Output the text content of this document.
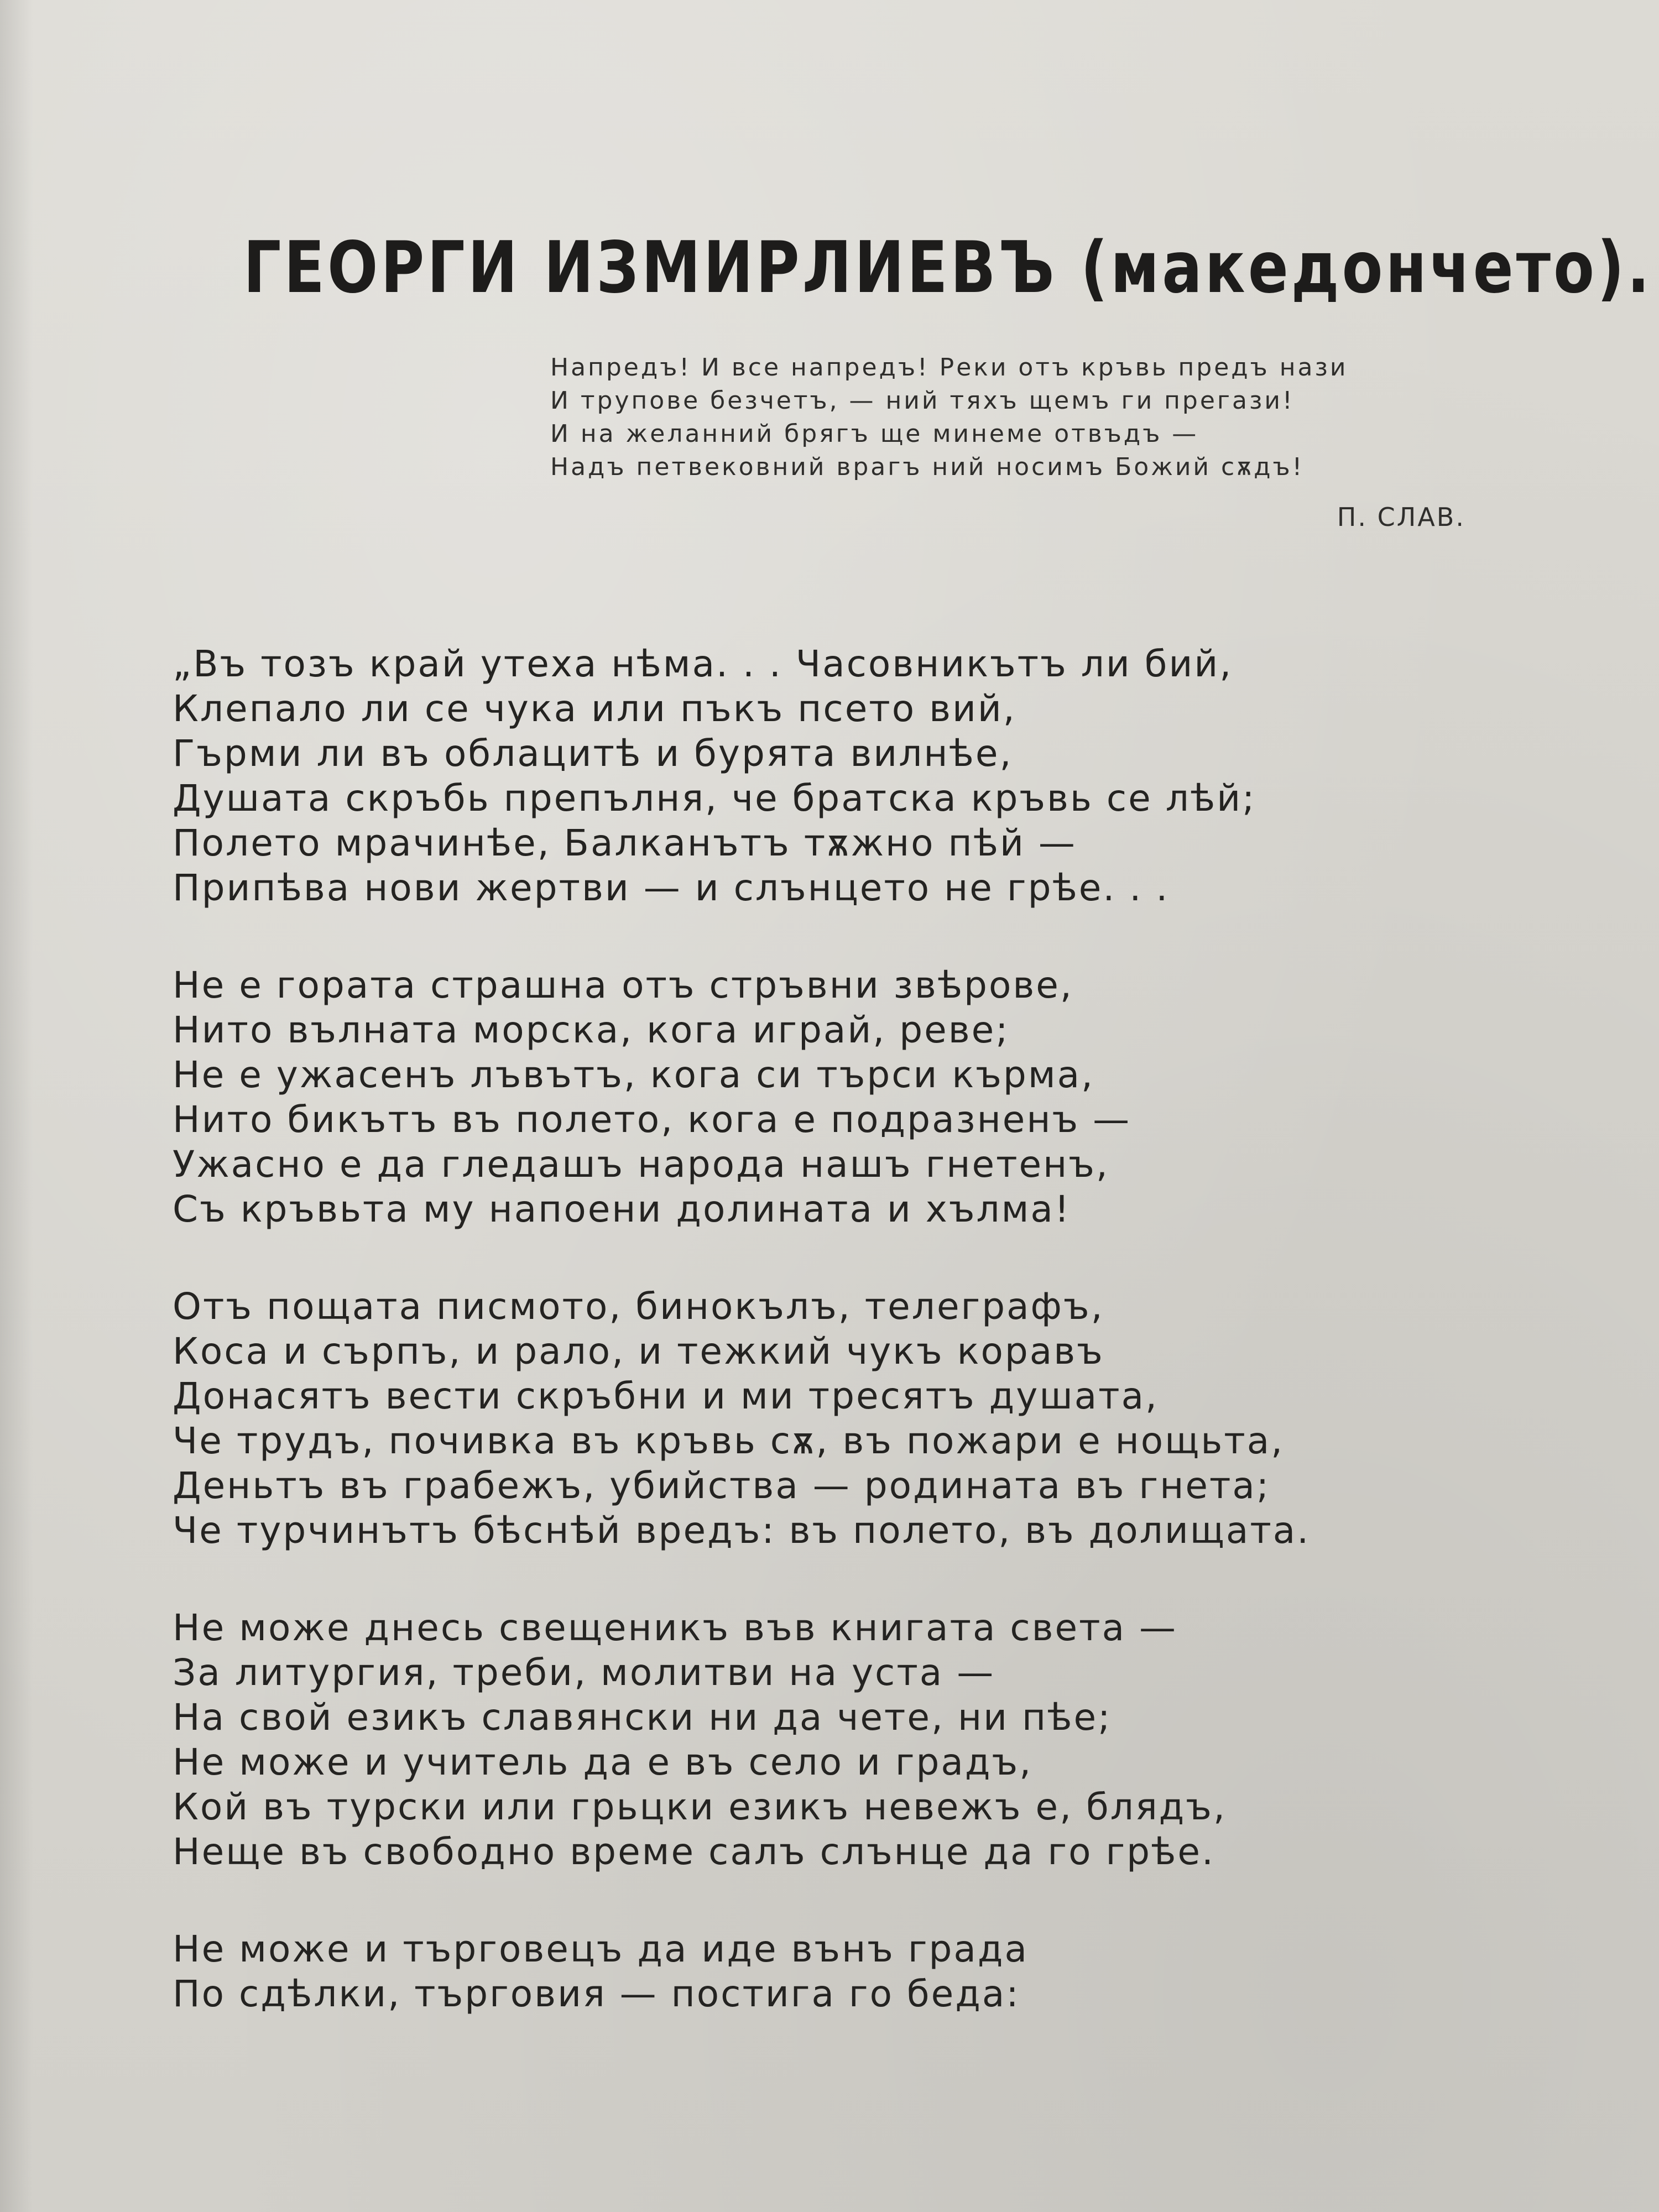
ГЕОРГИ ИЗМИРЛИЕВЪ (македончето).
Напредъ! И все напредъ! Реки отъ кръвь предъ нази
И трупове безчетъ, — ний тяхъ щемъ ги прегази!
И на желанний брягъ ще минеме отвъдъ —
Надъ петвековний врагъ ний носимъ Божий сѫдъ!
П. СЛАВ.
„Въ тозъ край утеха нѣма. . . Часовникътъ ли бий,
Клепало ли се чука или пъкъ псето вий,
Гърми ли въ облацитѣ и бурята вилнѣе,
Душата скръбь препълня, че братска кръвь се лѣй;
Полето мрачинѣе, Балканътъ тѫжно пѣй —
Припѣва нови жертви — и слънцето не грѣе. . .
Не е гората страшна отъ стръвни звѣрове,
Нито вълната морска, кога играй, реве;
Не е ужасенъ лъвътъ, кога си търси кърма,
Нито бикътъ въ полето, кога е подразненъ —
Ужасно е да гледашъ народа нашъ гнетенъ,
Съ кръвьта му напоени долината и хълма!
Отъ пощата писмото, бинокълъ, телеграфъ,
Коса и сърпъ, и рало, и тежкий чукъ коравъ
Донасятъ вести скръбни и ми тресятъ душата,
Че трудъ, почивка въ кръвь сѫ, въ пожари е нощьта,
Деньтъ въ грабежъ, убийства — родината въ гнета;
Че турчинътъ бѣснѣй вредъ: въ полето, въ долищата.
Не може днесь свещеникъ във книгата света —
За литургия, треби, молитви на уста —
На свой езикъ славянски ни да чете, ни пѣе;
Не може и учитель да е въ село и градъ,
Кой въ турски или грьцки езикъ невежъ е, блядъ,
Неще въ свободно време салъ слънце да го грѣе.
Не може и търговецъ да иде вънъ града
По сдѣлки, търговия — постига го беда:
